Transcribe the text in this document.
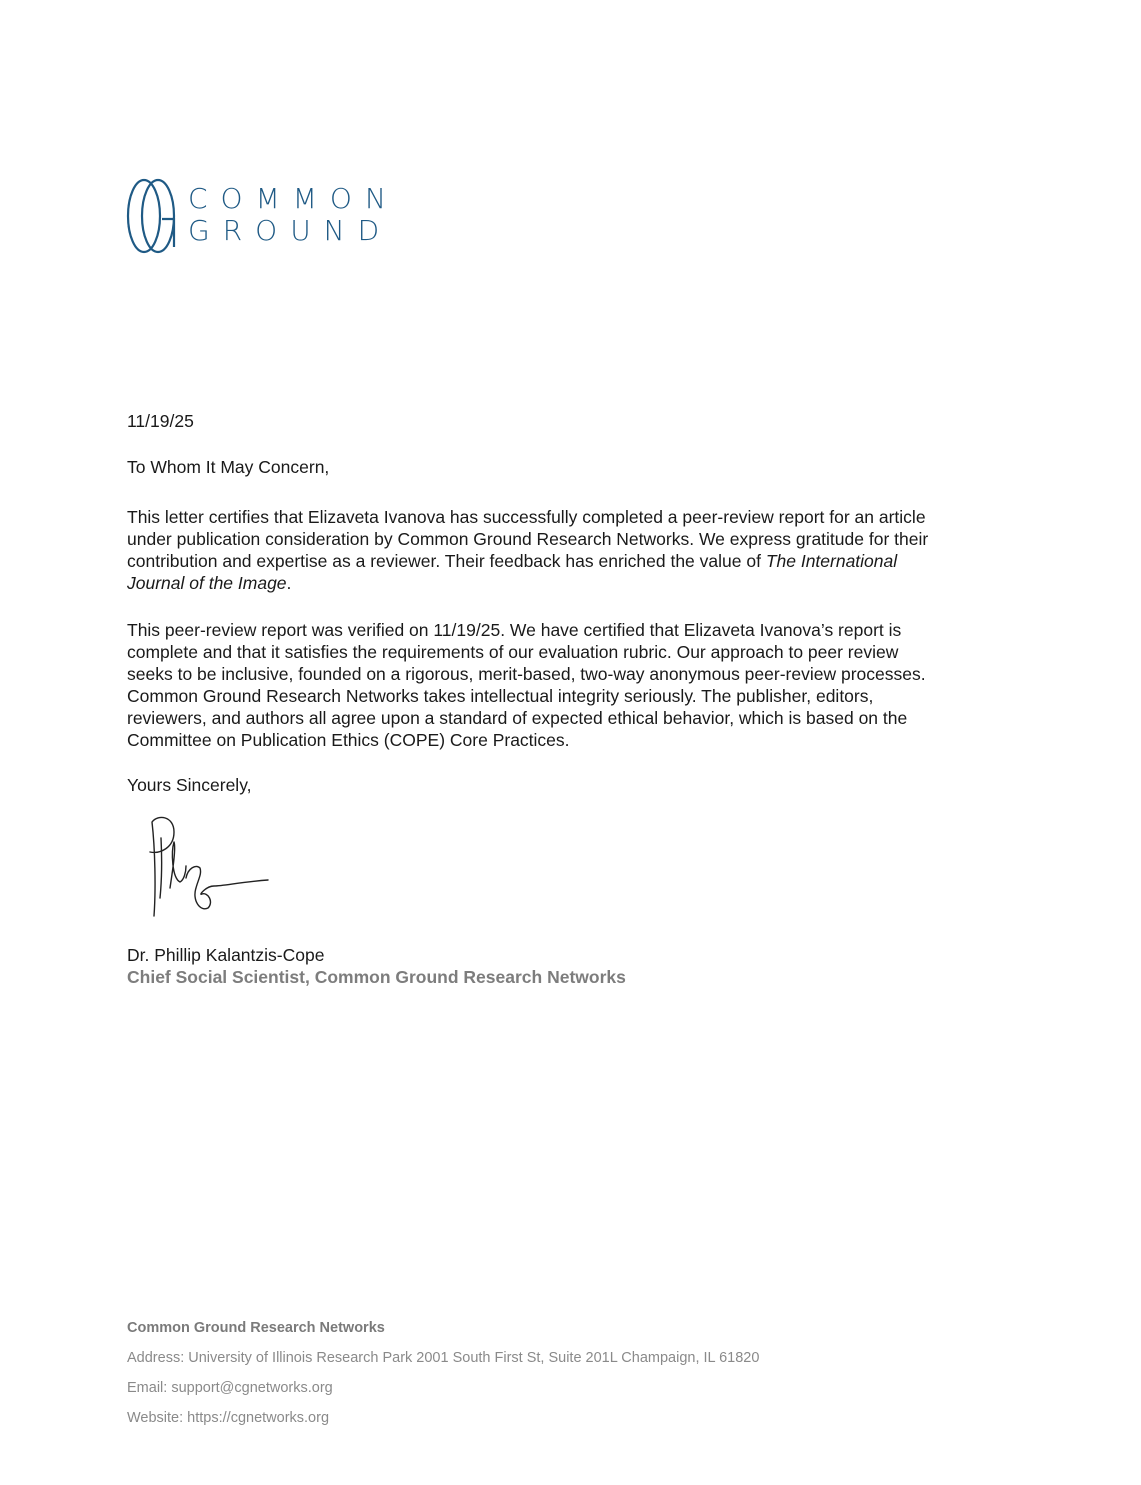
COMMON
GROUND
11/19/25
To Whom It May Concern,
This letter certifies that Elizaveta Ivanova has successfully completed a peer-review report for an article
under publication consideration by Common Ground Research Networks. We express gratitude for their
contribution and expertise as a reviewer. Their feedback has enriched the value of The International
Journal of the Image.
This peer-review report was verified on 11/19/25. We have certified that Elizaveta Ivanova’s report is
complete and that it satisfies the requirements of our evaluation rubric. Our approach to peer review
seeks to be inclusive, founded on a rigorous, merit-based, two-way anonymous peer-review processes.
Common Ground Research Networks takes intellectual integrity seriously. The publisher, editors,
reviewers, and authors all agree upon a standard of expected ethical behavior, which is based on the
Committee on Publication Ethics (COPE) Core Practices.
Yours Sincerely,
Dr. Phillip Kalantzis-Cope
Chief Social Scientist, Common Ground Research Networks
Common Ground Research Networks
Address: University of Illinois Research Park 2001 South First St, Suite 201L Champaign, IL 61820
Email: support@cgnetworks.org
Website: https://cgnetworks.org
